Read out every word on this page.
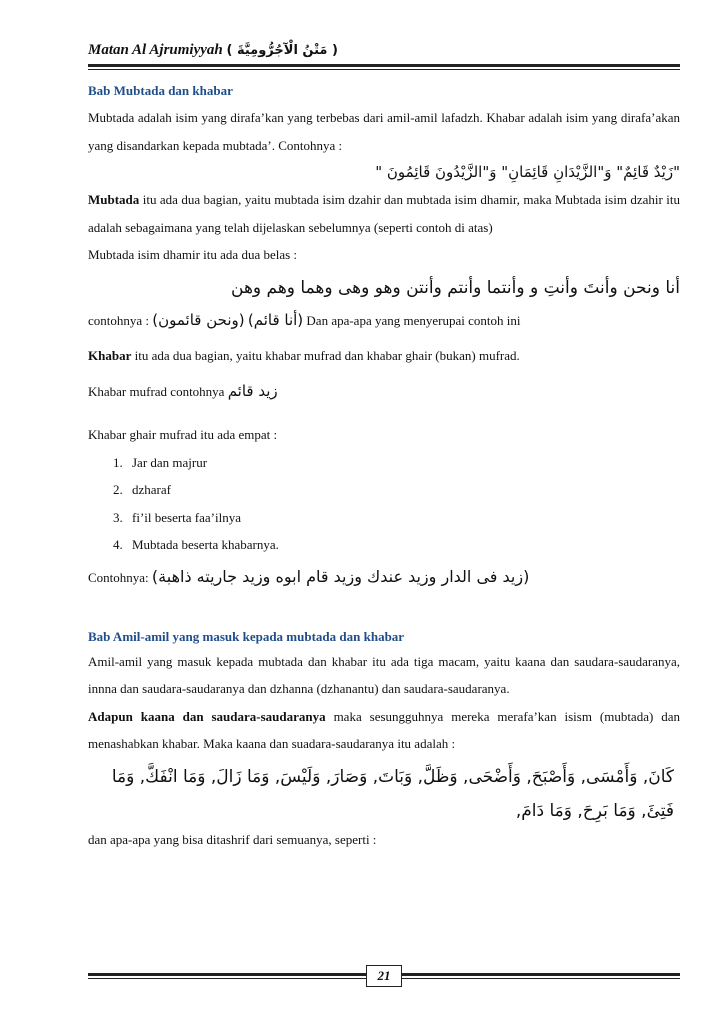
Matan Al Ajrumiyyah ( مَتْنُ الْآجُرُّومِيَّةَ )
Bab Mubtada dan khabar

Mubtada adalah isim yang dirafa’kan yang terbebas dari amil-amil lafadzh. Khabar adalah isim yang dirafa’akan yang disandarkan kepada mubtada’. Contohnya :

"زَيْدٌ قَائِمٌ" وَ"الزَّيْدَانِ قَائِمَانِ" وَ"الزَّيْدُونَ قَائِمُونَ "

Mubtada itu ada dua bagian, yaitu mubtada isim dzahir dan mubtada isim dhamir, maka Mubtada isim dzahir itu adalah sebagaimana yang telah dijelaskan sebelumnya (seperti contoh di atas)

Mubtada isim dhamir itu ada dua belas :

أنا ونحن وأنتَ وأنتِ و وأنتما وأنتم وأنتن وهو وهى وهما وهم وهن

contohnya : (ونحن قائمون) (أنا قائم) Dan apa-apa yang menyerupai contoh ini

Khabar itu ada dua bagian, yaitu khabar mufrad dan khabar ghair (bukan) mufrad.

Khabar mufrad contohnya زيد قائم

Khabar ghair mufrad itu ada empat :

1. Jar dan majrur
2. dzharaf
3. fi’il beserta faa’ilnya
4. Mubtada beserta khabarnya.

Contohnya: (زيد فى الدار وزيد عندك وزيد قام ابوه وزيد جاريته ذاهبة)

Bab Amil-amil yang masuk kepada mubtada dan khabar

Amil-amil yang masuk kepada mubtada dan khabar itu ada tiga macam, yaitu kaana dan saudara-saudaranya, innna dan saudara-saudaranya dan dzhanna (dzhanantu) dan saudara-saudaranya.

Adapun kaana dan saudara-saudaranya maka sesungguhnya mereka merafa’kan isism (mubtada) dan menashabkan khabar. Maka kaana dan suadara-saudaranya itu adalah :

كَانَ, وَأَمْسَى, وَأَصْبَحَ, وَأَضْحَى, وَظَلَّ, وَبَاتَ, وَصَارَ, وَلَيْسَ, وَمَا زَالَ, وَمَا انْفَكَّ, وَمَا
فَتِئَ, وَمَا بَرِحَ, وَمَا دَامَ,

dan apa-apa yang bisa ditashrif dari semuanya, seperti :

21
